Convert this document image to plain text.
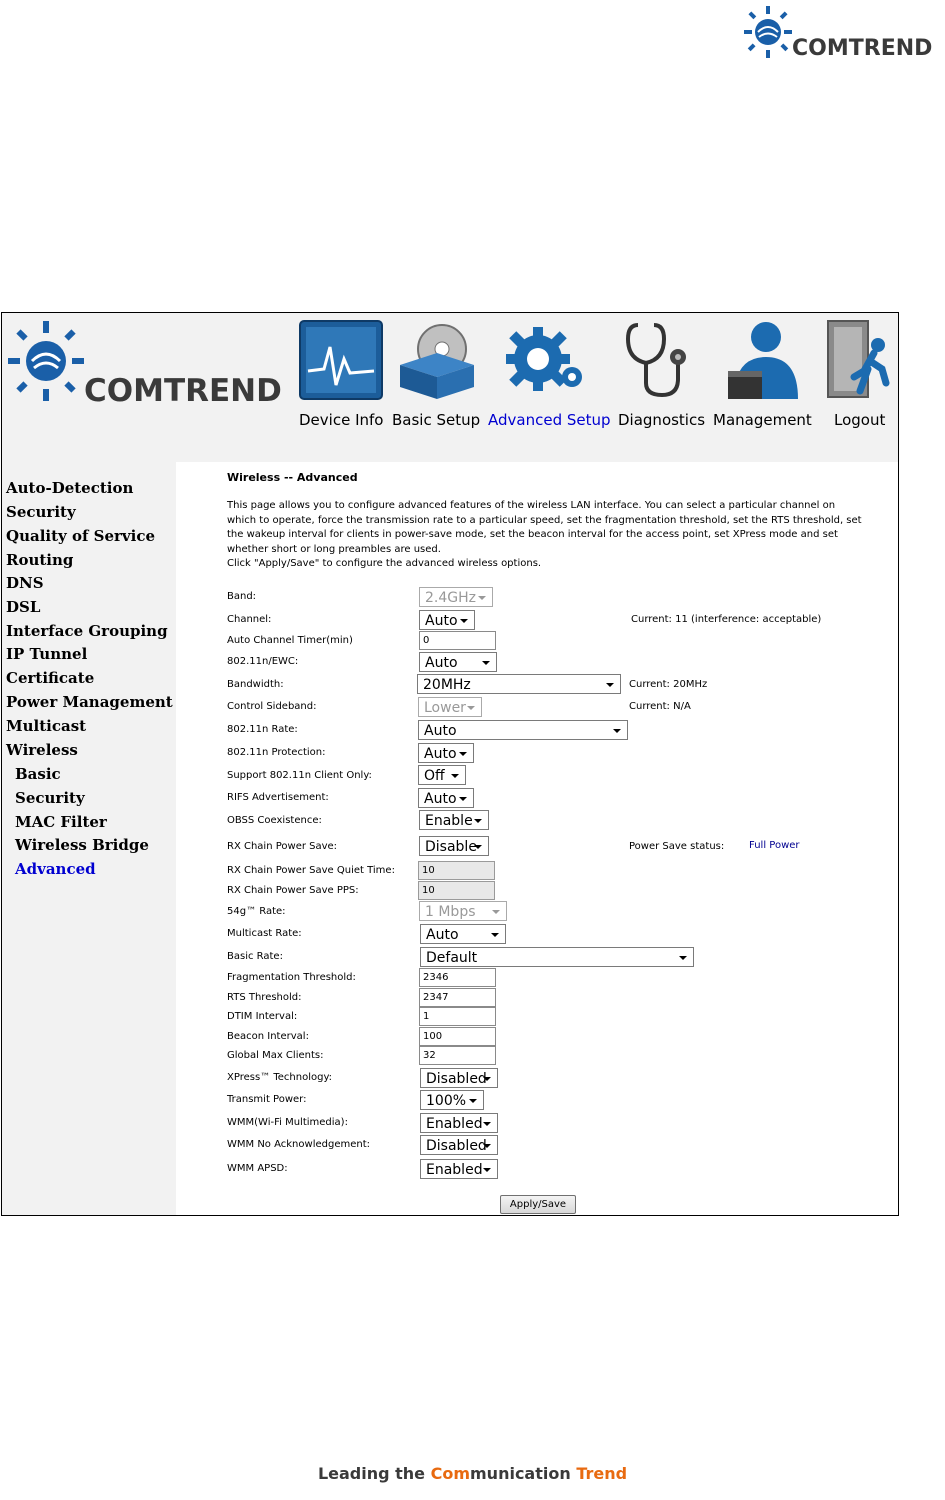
COMTREND
COMTREND
Device Info Basic Setup Advanced Setup Diagnostics Management Logout
Auto-Detection
Security
Quality of Service
Routing
DNS
DSL
Interface Grouping
IP Tunnel
Certificate
Power Management
Multicast
Wireless
Basic
Security
MAC Filter
Wireless Bridge
Advanced
Wireless -- Advanced
This page allows you to configure advanced features of the wireless LAN interface. You can select a particular channel on which to operate, force the transmission rate to a particular speed, set the fragmentation threshold, set the RTS threshold, set the wakeup interval for clients in power-save mode, set the beacon interval for the access point, set XPress mode and set whether short or long preambles are used.
Click "Apply/Save" to configure the advanced wireless options.
Band:	2.4GHz
Channel:	Auto	Current: 11 (interference: acceptable)
Auto Channel Timer(min)	0
802.11n/EWC:	Auto
Bandwidth:	20MHz	Current: 20MHz
Control Sideband:	Lower	Current: N/A
802.11n Rate:	Auto
802.11n Protection:	Auto
Support 802.11n Client Only:	Off
RIFS Advertisement:	Auto
OBSS Coexistence:	Enable
RX Chain Power Save:	Disable	Power Save status: Full Power
RX Chain Power Save Quiet Time:	10
RX Chain Power Save PPS:	10
54g™ Rate:	1 Mbps
Multicast Rate:	Auto
Basic Rate:	Default
Fragmentation Threshold:	2346
RTS Threshold:	2347
DTIM Interval:	1
Beacon Interval:	100
Global Max Clients:	32
XPress™ Technology:	Disabled
Transmit Power:	100%
WMM(Wi-Fi Multimedia):	Enabled
WMM No Acknowledgement:	Disabled
WMM APSD:	Enabled
Apply/Save
Leading the Communication Trend
